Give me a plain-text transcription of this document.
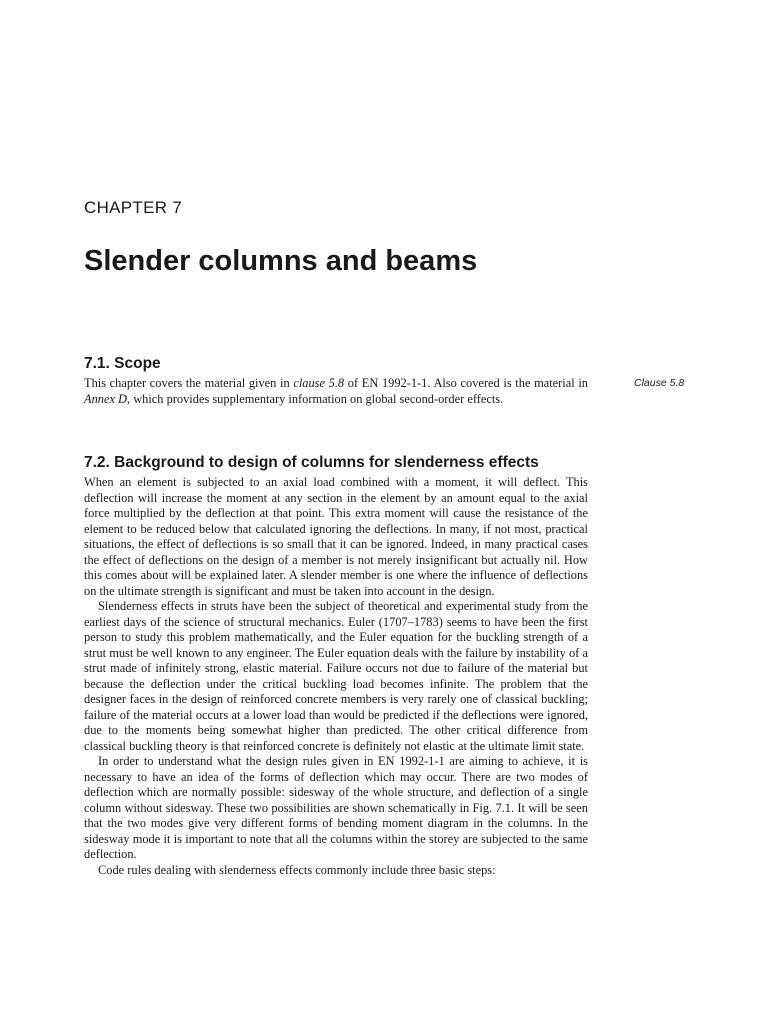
CHAPTER 7
Slender columns and beams
7.1. Scope
Clause 5.8

This chapter covers the material given in clause 5.8 of EN 1992-1-1. Also covered is the material in Annex D, which provides supplementary information on global second-order effects.

7.2. Background to design of columns for slenderness effects

When an element is subjected to an axial load combined with a moment, it will deflect. This deflection will increase the moment at any section in the element by an amount equal to the axial force multiplied by the deflection at that point. This extra moment will cause the resistance of the element to be reduced below that calculated ignoring the deflections. In many, if not most, practical situations, the effect of deflections is so small that it can be ignored. Indeed, in many practical cases the effect of deflections on the design of a member is not merely insignificant but actually nil. How this comes about will be explained later. A slender member is one where the influence of deflections on the ultimate strength is significant and must be taken into account in the design.

Slenderness effects in struts have been the subject of theoretical and experimental study from the earliest days of the science of structural mechanics. Euler (1707–1783) seems to have been the first person to study this problem mathematically, and the Euler equation for the buckling strength of a strut must be well known to any engineer. The Euler equation deals with the failure by instability of a strut made of infinitely strong, elastic material. Failure occurs not due to failure of the material but because the deflection under the critical buckling load becomes infinite. The problem that the designer faces in the design of reinforced concrete members is very rarely one of classical buckling; failure of the material occurs at a lower load than would be predicted if the deflections were ignored, due to the moments being somewhat higher than predicted. The other critical difference from classical buckling theory is that reinforced concrete is definitely not elastic at the ultimate limit state.

In order to understand what the design rules given in EN 1992-1-1 are aiming to achieve, it is necessary to have an idea of the forms of deflection which may occur. There are two modes of deflection which are normally possible: sidesway of the whole structure, and deflection of a single column without sidesway. These two possibilities are shown schematically in Fig. 7.1. It will be seen that the two modes give very different forms of bending moment diagram in the columns. In the sidesway mode it is important to note that all the columns within the storey are subjected to the same deflection.

Code rules dealing with slenderness effects commonly include three basic steps:
